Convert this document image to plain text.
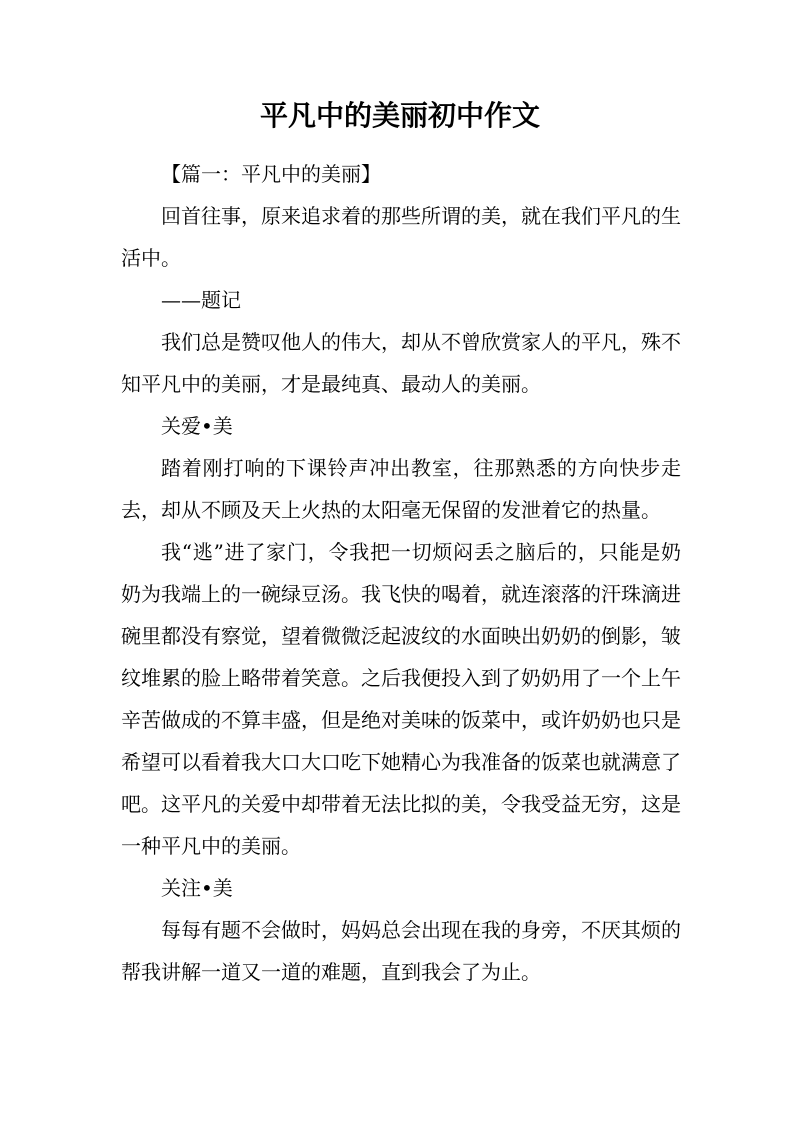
平凡中的美丽初中作文

【篇一：平凡中的美丽】

回首往事，原来追求着的那些所谓的美，就在我们平凡的生活中。

——题记

我们总是赞叹他人的伟大，却从不曾欣赏家人的平凡，殊不知平凡中的美丽，才是最纯真、最动人的美丽。

关爱•美

踏着刚打响的下课铃声冲出教室，往那熟悉的方向快步走去，却从不顾及天上火热的太阳毫无保留的发泄着它的热量。

我“逃”进了家门，令我把一切烦闷丢之脑后的，只能是奶奶为我端上的一碗绿豆汤。我飞快的喝着，就连滚落的汗珠滴进碗里都没有察觉，望着微微泛起波纹的水面映出奶奶的倒影，皱纹堆累的脸上略带着笑意。之后我便投入到了奶奶用了一个上午辛苦做成的不算丰盛，但是绝对美味的饭菜中，或许奶奶也只是希望可以看着我大口大口吃下她精心为我准备的饭菜也就满意了吧。这平凡的关爱中却带着无法比拟的美，令我受益无穷，这是一种平凡中的美丽。

关注•美

每每有题不会做时，妈妈总会出现在我的身旁，不厌其烦的帮我讲解一道又一道的难题，直到我会了为止。
